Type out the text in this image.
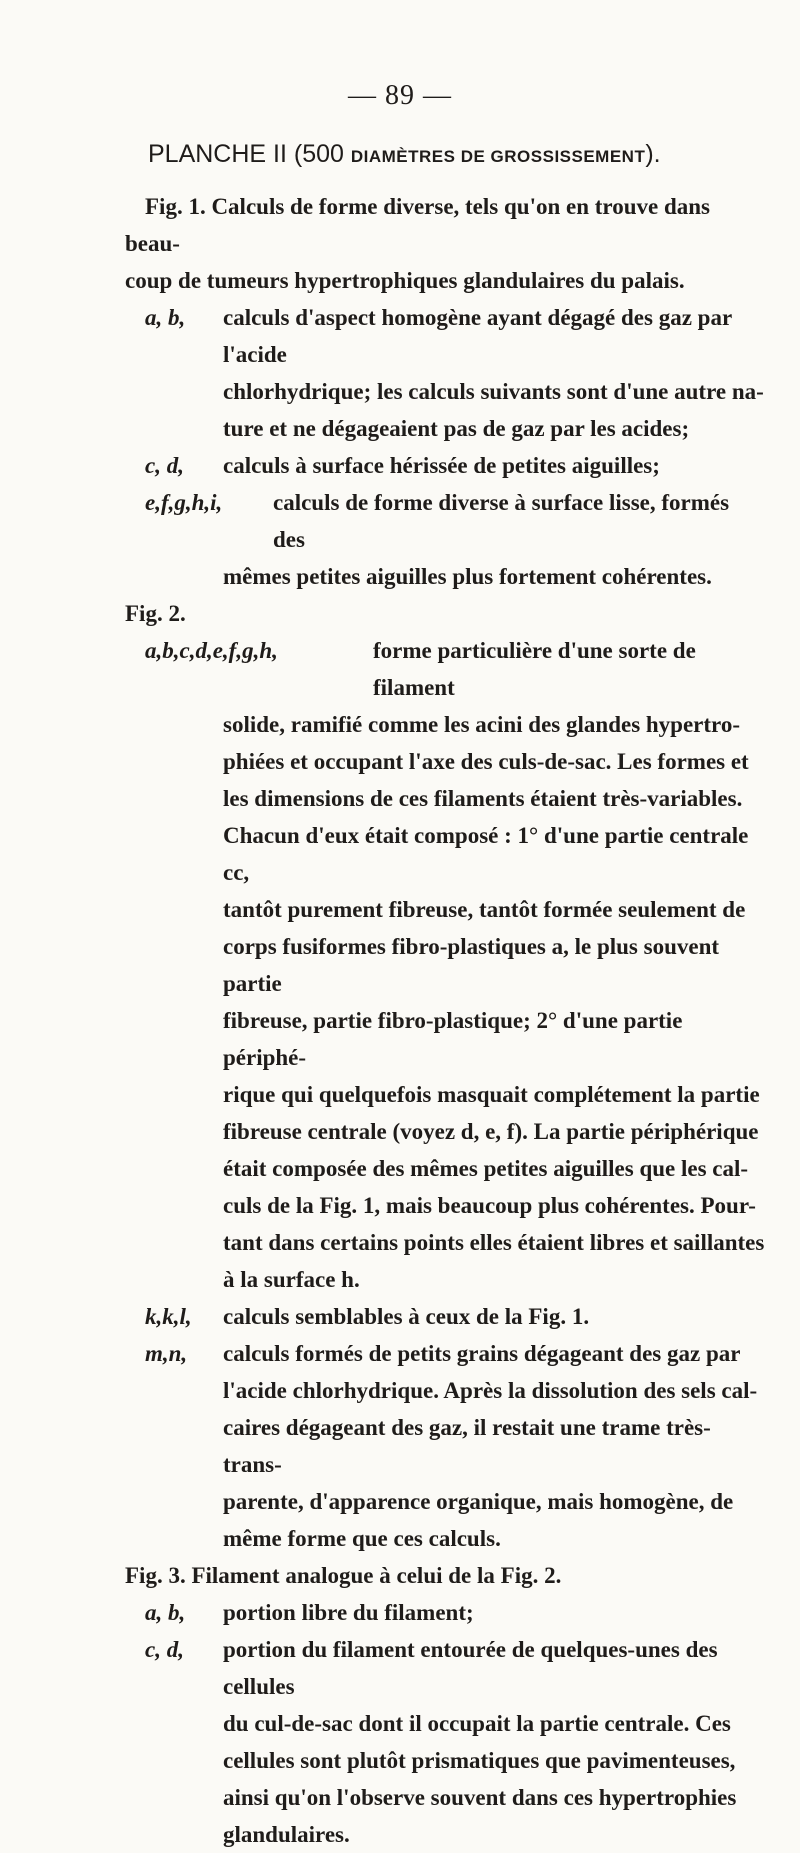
— 89 —
PLANCHE II (500 DIAMÈTRES DE GROSSISSEMENT).

Fig. 1. Calculs de forme diverse, tels qu'on en trouve dans beau-
coup de tumeurs hypertrophiques glandulaires du palais.

a, b,	calculs d'aspect homogène ayant dégagé des gaz par l'acide
chlorhydrique; les calculs suivants sont d'une autre na-
ture et ne dégageaient pas de gaz par les acides;
c, d,	calculs à surface hérissée de petites aiguilles;
e,f,g,h,i,	calculs de forme diverse à surface lisse, formés des
mêmes petites aiguilles plus fortement cohérentes.

Fig. 2.

a,b,c,d,e,f,g,h,	forme particulière d'une sorte de filament
solide, ramifié comme les acini des glandes hypertro-
phiées et occupant l'axe des culs-de-sac. Les formes et
les dimensions de ces filaments étaient très-variables.
Chacun d'eux était composé : 1° d'une partie centrale cc,
tantôt purement fibreuse, tantôt formée seulement de
corps fusiformes fibro-plastiques a, le plus souvent partie
fibreuse, partie fibro-plastique; 2° d'une partie périphé-
rique qui quelquefois masquait complétement la partie
fibreuse centrale (voyez d, e, f). La partie périphérique
était composée des mêmes petites aiguilles que les cal-
culs de la Fig. 1, mais beaucoup plus cohérentes. Pour-
tant dans certains points elles étaient libres et saillantes
à la surface h.
k,k,l,	calculs semblables à ceux de la Fig. 1.
m,n,	calculs formés de petits grains dégageant des gaz par
l'acide chlorhydrique. Après la dissolution des sels cal-
caires dégageant des gaz, il restait une trame très-trans-
parente, d'apparence organique, mais homogène, de
même forme que ces calculs.

Fig. 3. Filament analogue à celui de la Fig. 2.

a, b,	portion libre du filament;
c, d,	portion du filament entourée de quelques-unes des cellules
du cul-de-sac dont il occupait la partie centrale. Ces
cellules sont plutôt prismatiques que pavimenteuses,
ainsi qu'on l'observe souvent dans ces hypertrophies
glandulaires.
